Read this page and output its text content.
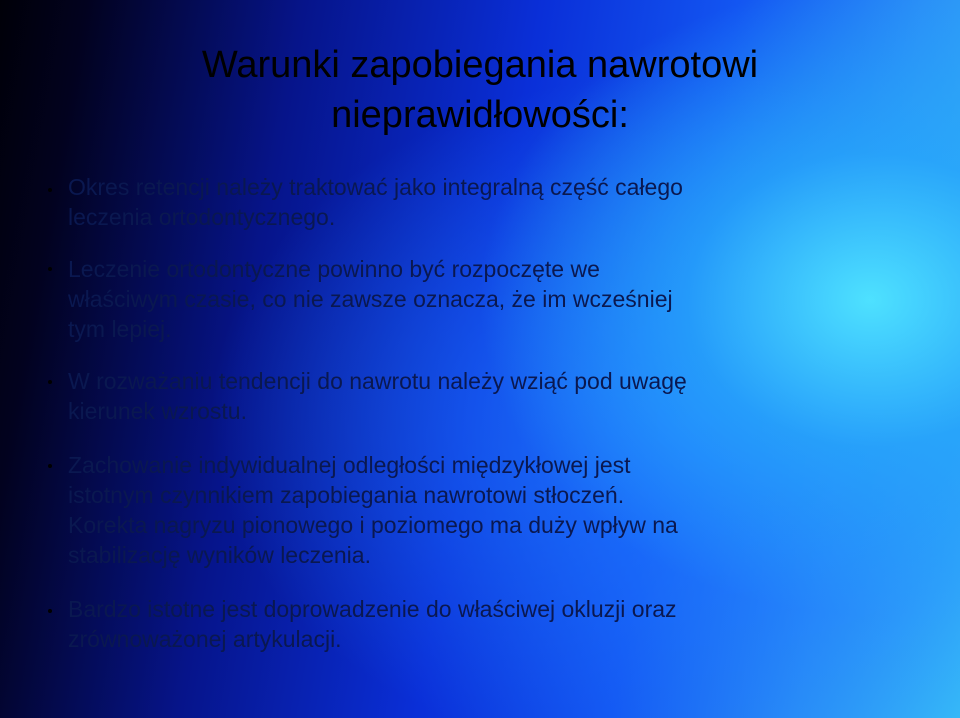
Warunki zapobiegania nawrotowi
nieprawidłowości:
Okres retencji należy traktować jako integralną część całego
leczenia ortodontycznego.
Leczenie ortodontyczne powinno być rozpoczęte we
właściwym czasie, co nie zawsze oznacza, że im wcześniej
tym lepiej.
W rozważaniu tendencji do nawrotu należy wziąć pod uwagę
kierunek wzrostu.
Zachowanie indywidualnej odległości międzykłowej jest
istotnym czynnikiem zapobiegania nawrotowi stłoczeń.
Korekta nagryzu pionowego i poziomego ma duży wpływ na
stabilizację wyników leczenia.
Bardzo istotne jest doprowadzenie do właściwej okluzji oraz
zrównoważonej artykulacji.
